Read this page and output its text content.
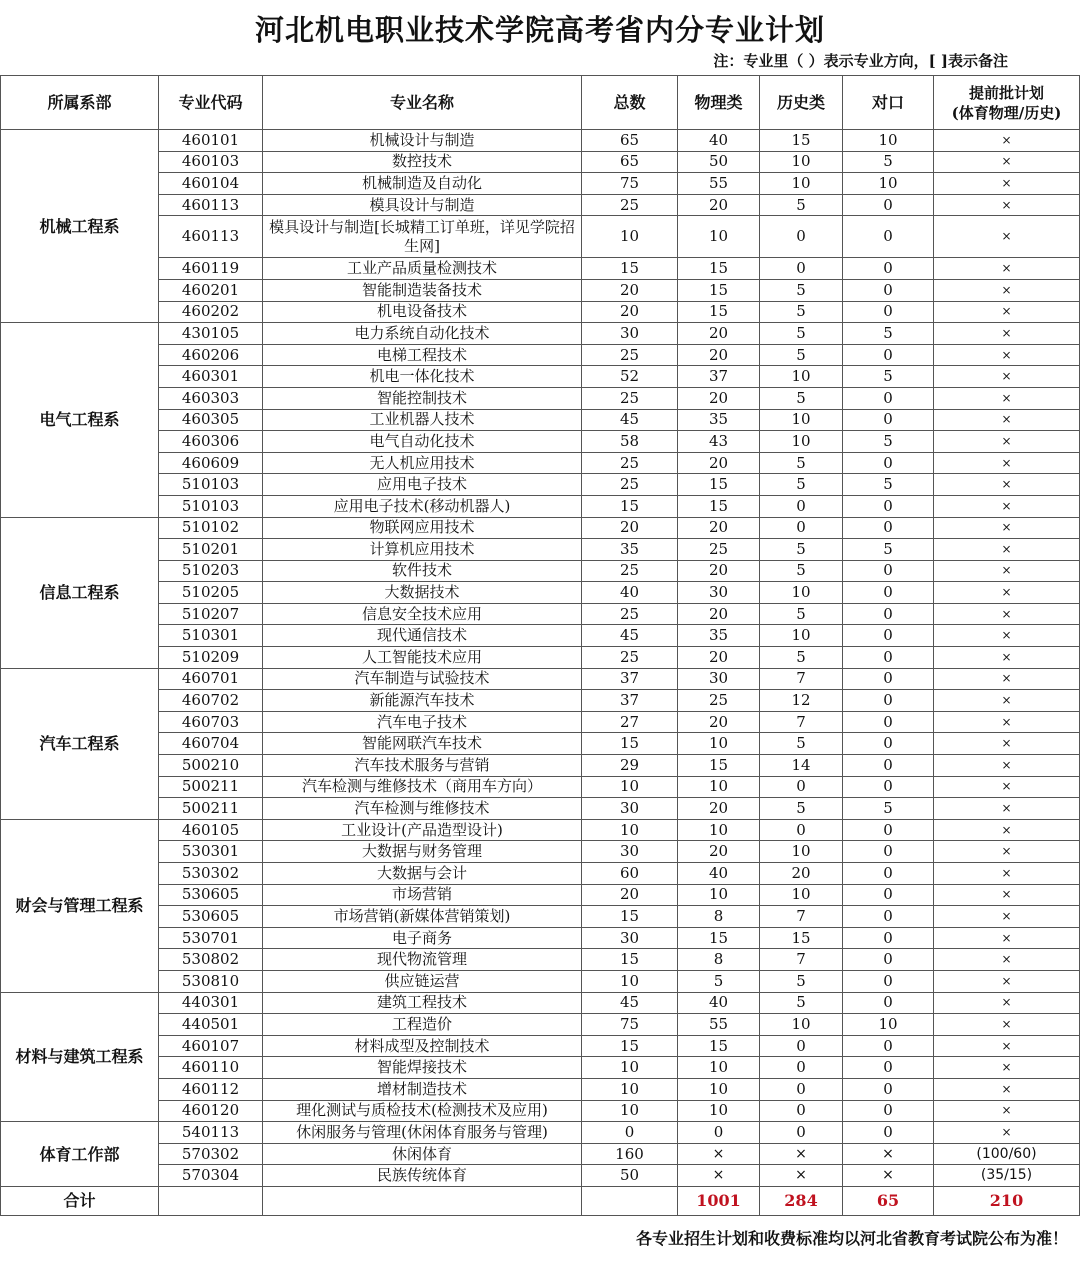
河北机电职业技术学院高考省内分专业计划
注：专业里（ ）表示专业方向，[ ]表示备注
所属系部	专业代码	专业名称	总数	物理类	历史类	对口	提前批计划
(体育物理/历史)
机械工程系	460101	机械设计与制造	65	40	15	10	×
	460103	数控技术	65	50	10	5	×
	460104	机械制造及自动化	75	55	10	10	×
	460113	模具设计与制造	25	20	5	0	×
	460113	模具设计与制造[长城精工订单班，详见学院招生网]	10	10	0	0	×
	460119	工业产品质量检测技术	15	15	0	0	×
	460201	智能制造装备技术	20	15	5	0	×
	460202	机电设备技术	20	15	5	0	×
电气工程系	430105	电力系统自动化技术	30	20	5	5	×
	460206	电梯工程技术	25	20	5	0	×
	460301	机电一体化技术	52	37	10	5	×
	460303	智能控制技术	25	20	5	0	×
	460305	工业机器人技术	45	35	10	0	×
	460306	电气自动化技术	58	43	10	5	×
	460609	无人机应用技术	25	20	5	0	×
	510103	应用电子技术	25	15	5	5	×
	510103	应用电子技术(移动机器人)	15	15	0	0	×
信息工程系	510102	物联网应用技术	20	20	0	0	×
	510201	计算机应用技术	35	25	5	5	×
	510203	软件技术	25	20	5	0	×
	510205	大数据技术	40	30	10	0	×
	510207	信息安全技术应用	25	20	5	0	×
	510301	现代通信技术	45	35	10	0	×
	510209	人工智能技术应用	25	20	5	0	×
汽车工程系	460701	汽车制造与试验技术	37	30	7	0	×
	460702	新能源汽车技术	37	25	12	0	×
	460703	汽车电子技术	27	20	7	0	×
	460704	智能网联汽车技术	15	10	5	0	×
	500210	汽车技术服务与营销	29	15	14	0	×
	500211	汽车检测与维修技术（商用车方向）	10	10	0	0	×
	500211	汽车检测与维修技术	30	20	5	5	×
财会与管理工程系	460105	工业设计(产品造型设计)	10	10	0	0	×
	530301	大数据与财务管理	30	20	10	0	×
	530302	大数据与会计	60	40	20	0	×
	530605	市场营销	20	10	10	0	×
	530605	市场营销(新媒体营销策划)	15	8	7	0	×
	530701	电子商务	30	15	15	0	×
	530802	现代物流管理	15	8	7	0	×
	530810	供应链运营	10	5	5	0	×
材料与建筑工程系	440301	建筑工程技术	45	40	5	0	×
	440501	工程造价	75	55	10	10	×
	460107	材料成型及控制技术	15	15	0	0	×
	460110	智能焊接技术	10	10	0	0	×
	460112	增材制造技术	10	10	0	0	×
	460120	理化测试与质检技术(检测技术及应用)	10	10	0	0	×
体育工作部	540113	休闲服务与管理(休闲体育服务与管理)	0	0	0	0	×
	570302	休闲体育	160	×	×	×	(100/60)
	570304	民族传统体育	50	×	×	×	(35/15)
合计				1001	284	65	210
各专业招生计划和收费标准均以河北省教育考试院公布为准！
